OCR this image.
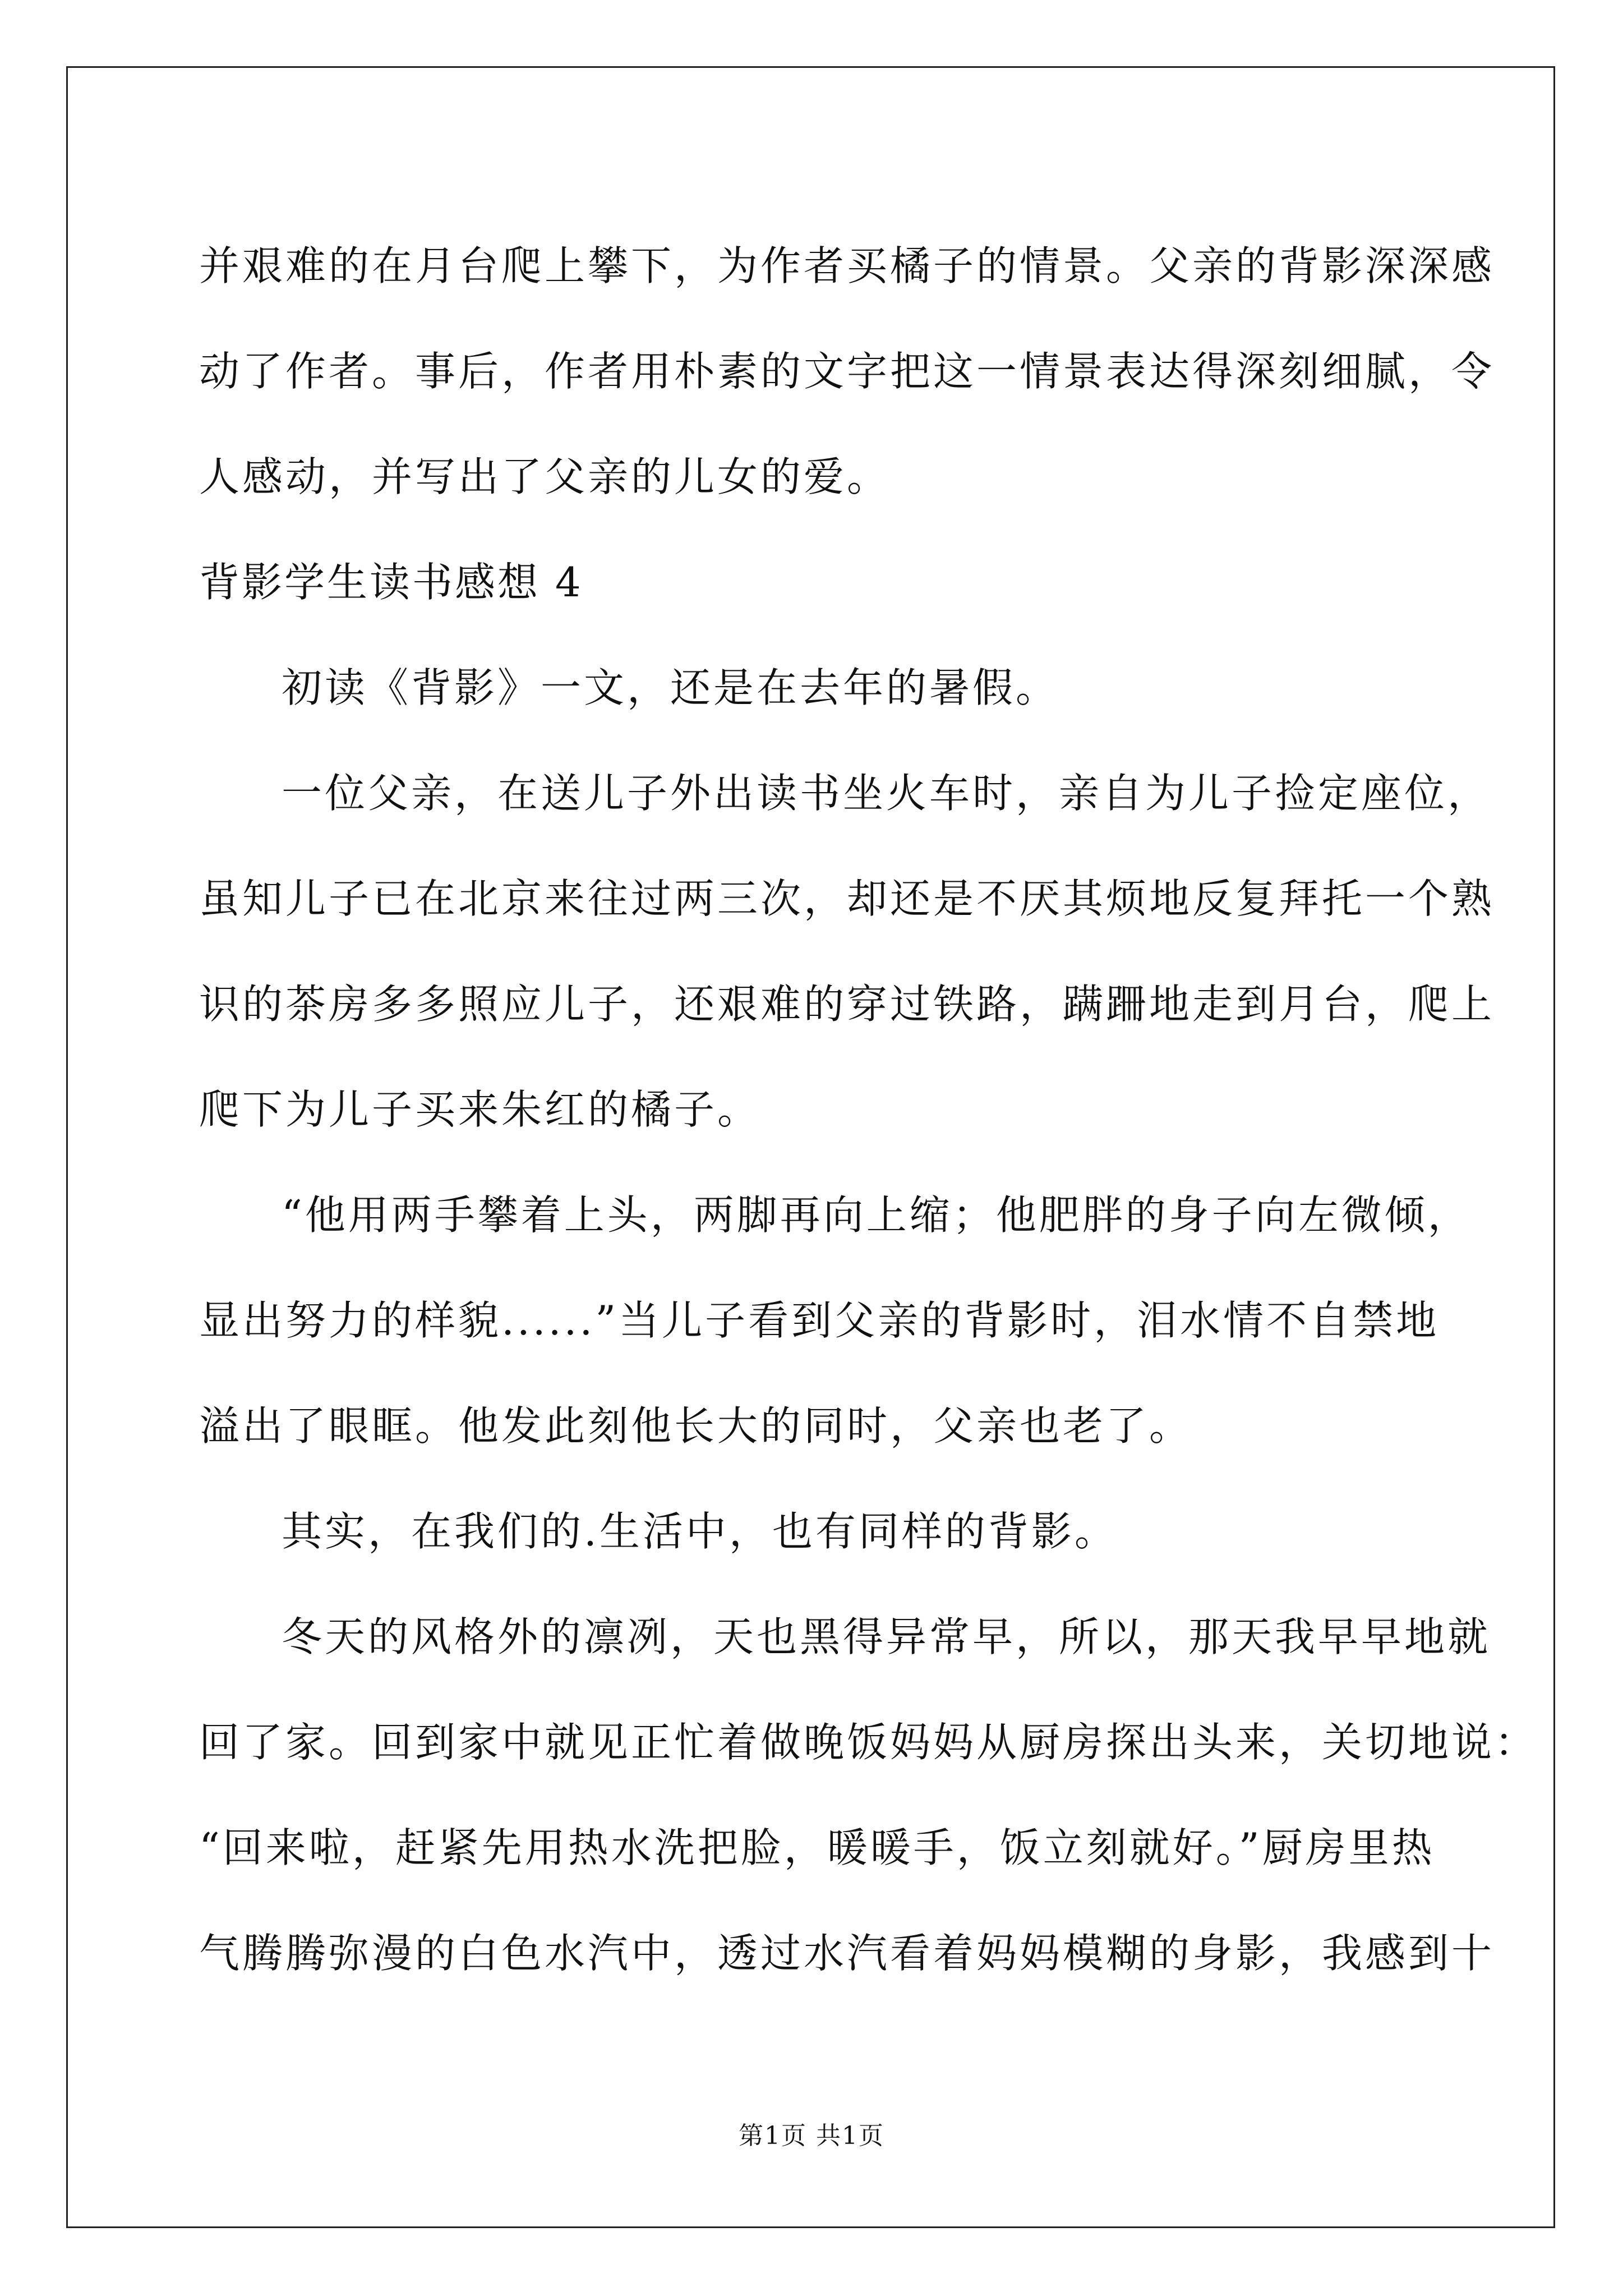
并艰难的在月台爬上攀下，为作者买橘子的情景。父亲的背影深深感
动了作者。事后，作者用朴素的文字把这一情景表达得深刻细腻，令
人感动，并写出了父亲的儿女的爱。
背影学生读书感想 4
初读《背影》一文，还是在去年的暑假。
一位父亲，在送儿子外出读书坐火车时，亲自为儿子捡定座位，
虽知儿子已在北京来往过两三次，却还是不厌其烦地反复拜托一个熟
识的茶房多多照应儿子，还艰难的穿过铁路，蹒跚地走到月台，爬上
爬下为儿子买来朱红的橘子。
“他用两手攀着上头，两脚再向上缩；他肥胖的身子向左微倾，
显出努力的样貌......”当儿子看到父亲的背影时，泪水情不自禁地
溢出了眼眶。他发此刻他长大的同时，父亲也老了。
其实，在我们的.生活中，也有同样的背影。
冬天的风格外的凛冽，天也黑得异常早，所以，那天我早早地就
回了家。回到家中就见正忙着做晚饭妈妈从厨房探出头来，关切地说：
“回来啦，赶紧先用热水洗把脸，暖暖手，饭立刻就好。”厨房里热
气腾腾弥漫的白色水汽中，透过水汽看着妈妈模糊的身影，我感到十
第1页 共1页
